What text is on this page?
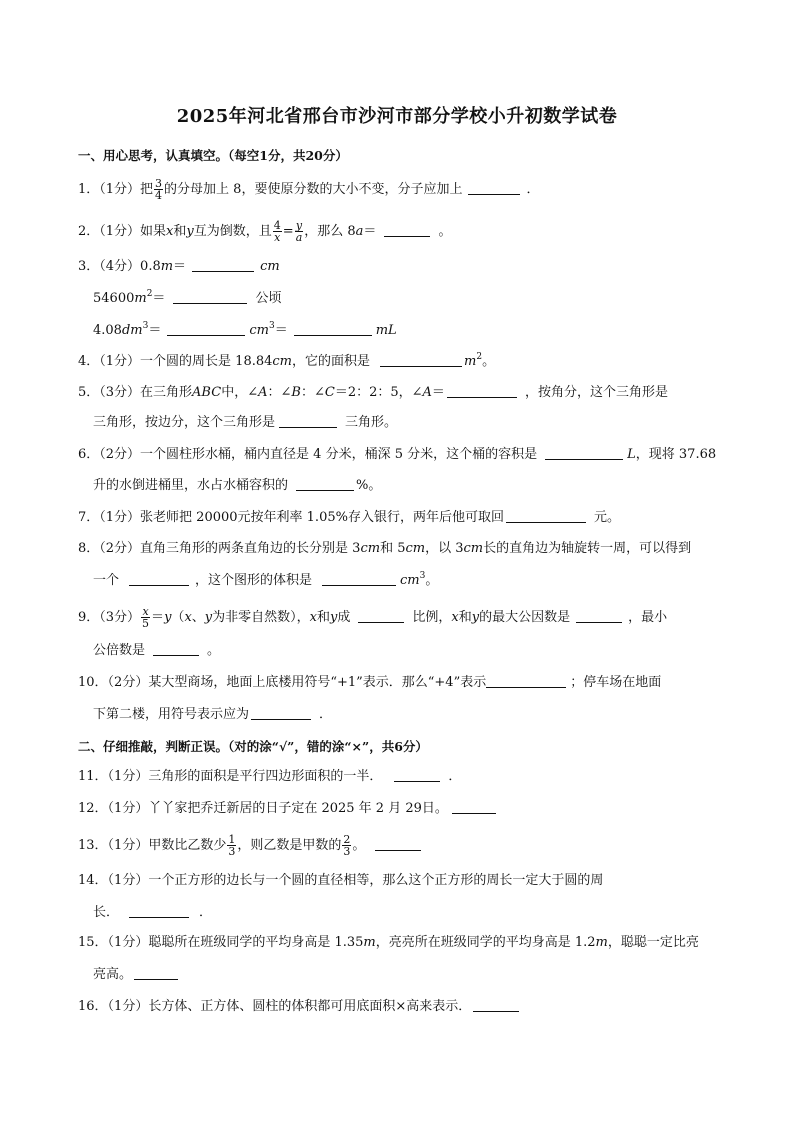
2025年河北省邢台市沙河市部分学校小升初数学试卷
一、用心思考，认真填空。（每空1分，共20分）
1．（1分）把 $\frac{3}{4}$ 的分母加上 8，要使原分数的大小不变，分子应加上	．
2．（1分）如果x和y互为倒数，且 $\frac{4}{x} = \frac{y}{a}$ ，那么 8a＝	。
3．（4分）0.8m＝	cm
$54600m^2=$	公顷
$4.08dm^3=$	$cm^3=$	mL
4．（1分）一个圆的周长是 18.84cm，它的面积是	$m^2$。
5．（3分）在三角形ABC中，∠A：∠B：∠C＝2：2：5，∠A＝	，按角分，这个三角形是
三角形，按边分，这个三角形是	三角形。
6．（2分）一个圆柱形水桶，桶内直径是 4 分米，桶深 5 分米，这个桶的容积是	L，现将 37.68
升的水倒进桶里，水占水桶容积的	%。
7．（1分）张老师把 20000元按年利率 1.05%存入银行，两年后他可取回	元。
8．（2分）直角三角形的两条直角边的长分别是 3cm和 5cm，以 3cm长的直角边为轴旋转一周，可以得到
一个	，这个图形的体积是	$cm^3$。
9．（3分） $\frac{x}{5} =y(x$、y为非零自然数），x和y成	比例，x和y的最大公因数是	，最小
公倍数是	。
10．（2分）某大型商场，地面上底楼用符号“+1”表示．那么“+4”表示	；停车场在地面
下第二楼，用符号表示应为	．
二、仔细推敲，判断正误。（对的涂“√”，错的涂“×”，共6分）
11．（1分）三角形的面积是平行四边形面积的一半．	．
12．（1分）丫丫家把乔迁新居的日子定在 2025 年 2 月 29日。
13．（1分）甲数比乙数少 $\frac{1}{3}$ ，则乙数是甲数的 $\frac{2}{3}$ 。
14．（1分）一个正方形的边长与一个圆的直径相等，那么这个正方形的周长一定大于圆的周
长．	．
15．（1分）聪聪所在班级同学的平均身高是 1.35m，亮亮所在班级同学的平均身高是 1.2m，聪聪一定比亮
亮高。
16．（1分）长方体、正方体、圆柱的体积都可用底面积×高来表示．
